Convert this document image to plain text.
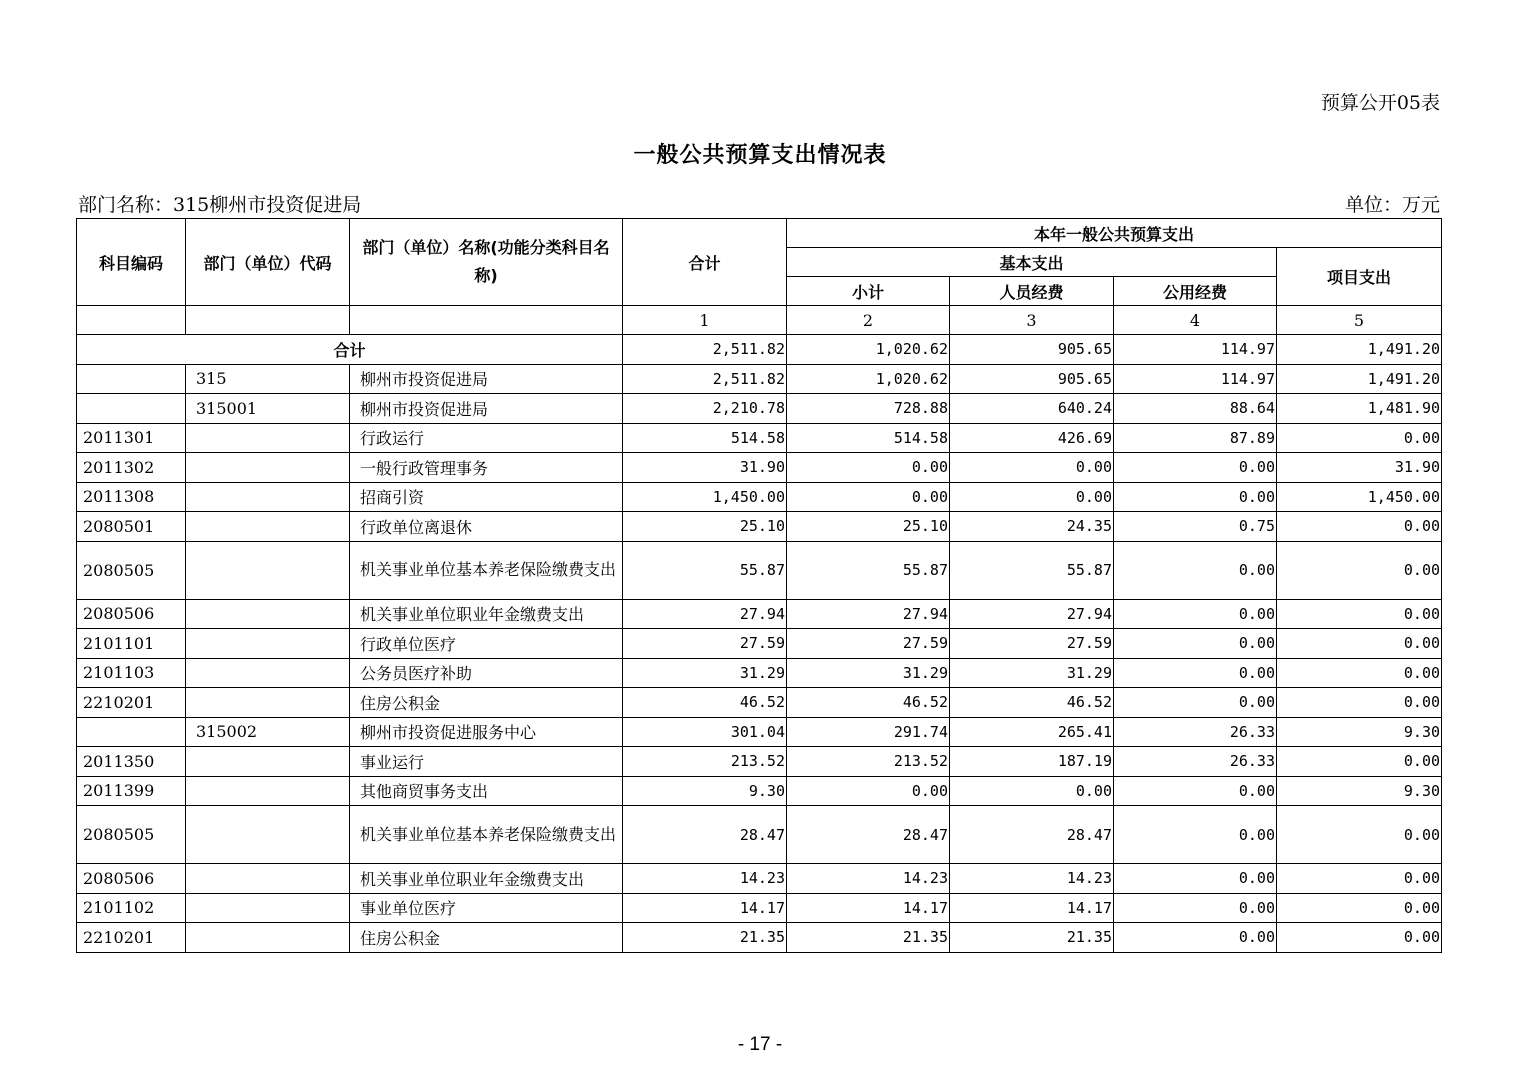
预算公开05表
一般公共预算支出情况表
部门名称：315柳州市投资促进局	单位：万元
科目编码	部门（单位）代码	部门（单位）名称(功能分类科目名称)	合计	本年一般公共预算支出			
				基本支出			项目支出
				小计	人员经费	公用经费	
			1	2	3	4	5
合计			2,511.82	1,020.62	905.65	114.97	1,491.20
	315	柳州市投资促进局	2,511.82	1,020.62	905.65	114.97	1,491.20
	315001	柳州市投资促进局	2,210.78	728.88	640.24	88.64	1,481.90
2011301		行政运行	514.58	514.58	426.69	87.89	0.00
2011302		一般行政管理事务	31.90	0.00	0.00	0.00	31.90
2011308		招商引资	1,450.00	0.00	0.00	0.00	1,450.00
2080501		行政单位离退休	25.10	25.10	24.35	0.75	0.00
2080505		机关事业单位基本养老保险缴费支出	55.87	55.87	55.87	0.00	0.00
2080506		机关事业单位职业年金缴费支出	27.94	27.94	27.94	0.00	0.00
2101101		行政单位医疗	27.59	27.59	27.59	0.00	0.00
2101103		公务员医疗补助	31.29	31.29	31.29	0.00	0.00
2210201		住房公积金	46.52	46.52	46.52	0.00	0.00
	315002	柳州市投资促进服务中心	301.04	291.74	265.41	26.33	9.30
2011350		事业运行	213.52	213.52	187.19	26.33	0.00
2011399		其他商贸事务支出	9.30	0.00	0.00	0.00	9.30
2080505		机关事业单位基本养老保险缴费支出	28.47	28.47	28.47	0.00	0.00
2080506		机关事业单位职业年金缴费支出	14.23	14.23	14.23	0.00	0.00
2101102		事业单位医疗	14.17	14.17	14.17	0.00	0.00
2210201		住房公积金	21.35	21.35	21.35	0.00	0.00
- 17 -
